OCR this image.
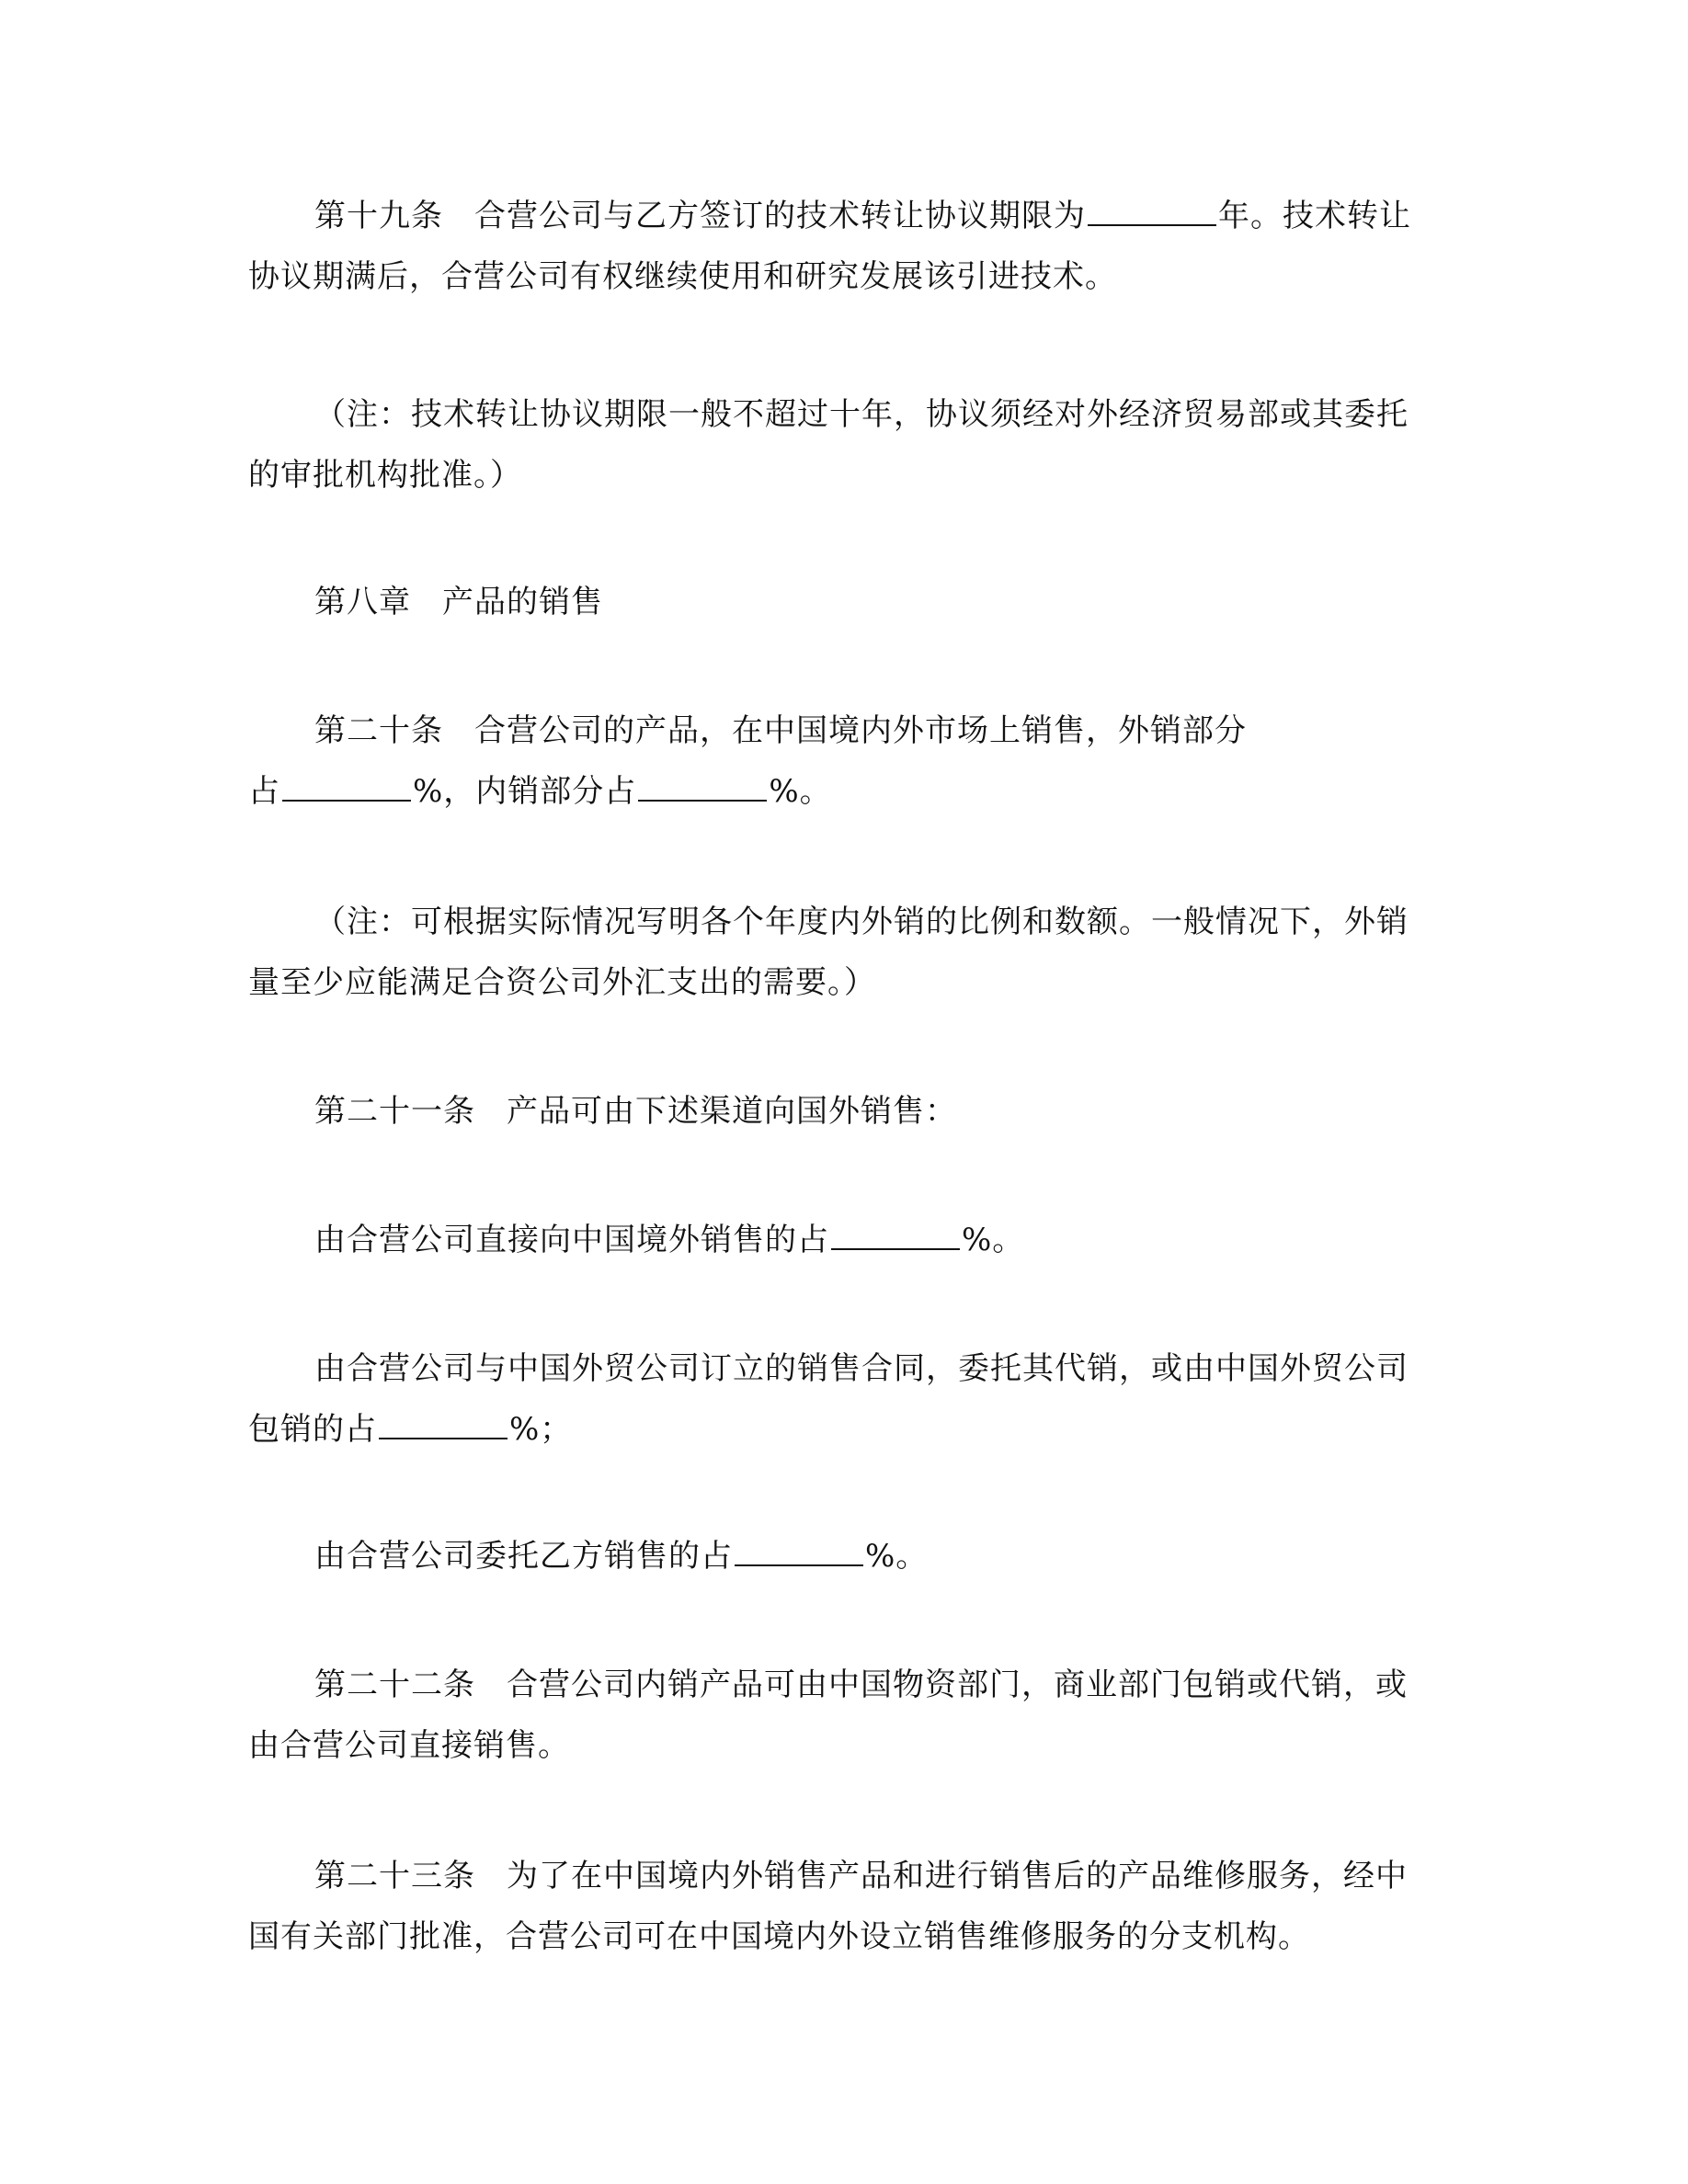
第十九条 合营公司与乙方签订的技术转让协议期限为	年。技术转让
协议期满后，合营公司有权继续使用和研究发展该引进技术。
（注：技术转让协议期限一般不超过十年，协议须经对外经济贸易部或其委托
的审批机构批准。）
第八章 产品的销售
第二十条 合营公司的产品，在中国境内外市场上销售，外销部分
占	%，内销部分占	%。
（注：可根据实际情况写明各个年度内外销的比例和数额。一般情况下，外销
量至少应能满足合资公司外汇支出的需要。）
第二十一条 产品可由下述渠道向国外销售：
由合营公司直接向中国境外销售的占	%。
由合营公司与中国外贸公司订立的销售合同，委托其代销，或由中国外贸公司
包销的占	%；
由合营公司委托乙方销售的占	%。
第二十二条 合营公司内销产品可由中国物资部门，商业部门包销或代销，或
由合营公司直接销售。
第二十三条 为了在中国境内外销售产品和进行销售后的产品维修服务，经中
国有关部门批准，合营公司可在中国境内外设立销售维修服务的分支机构。
